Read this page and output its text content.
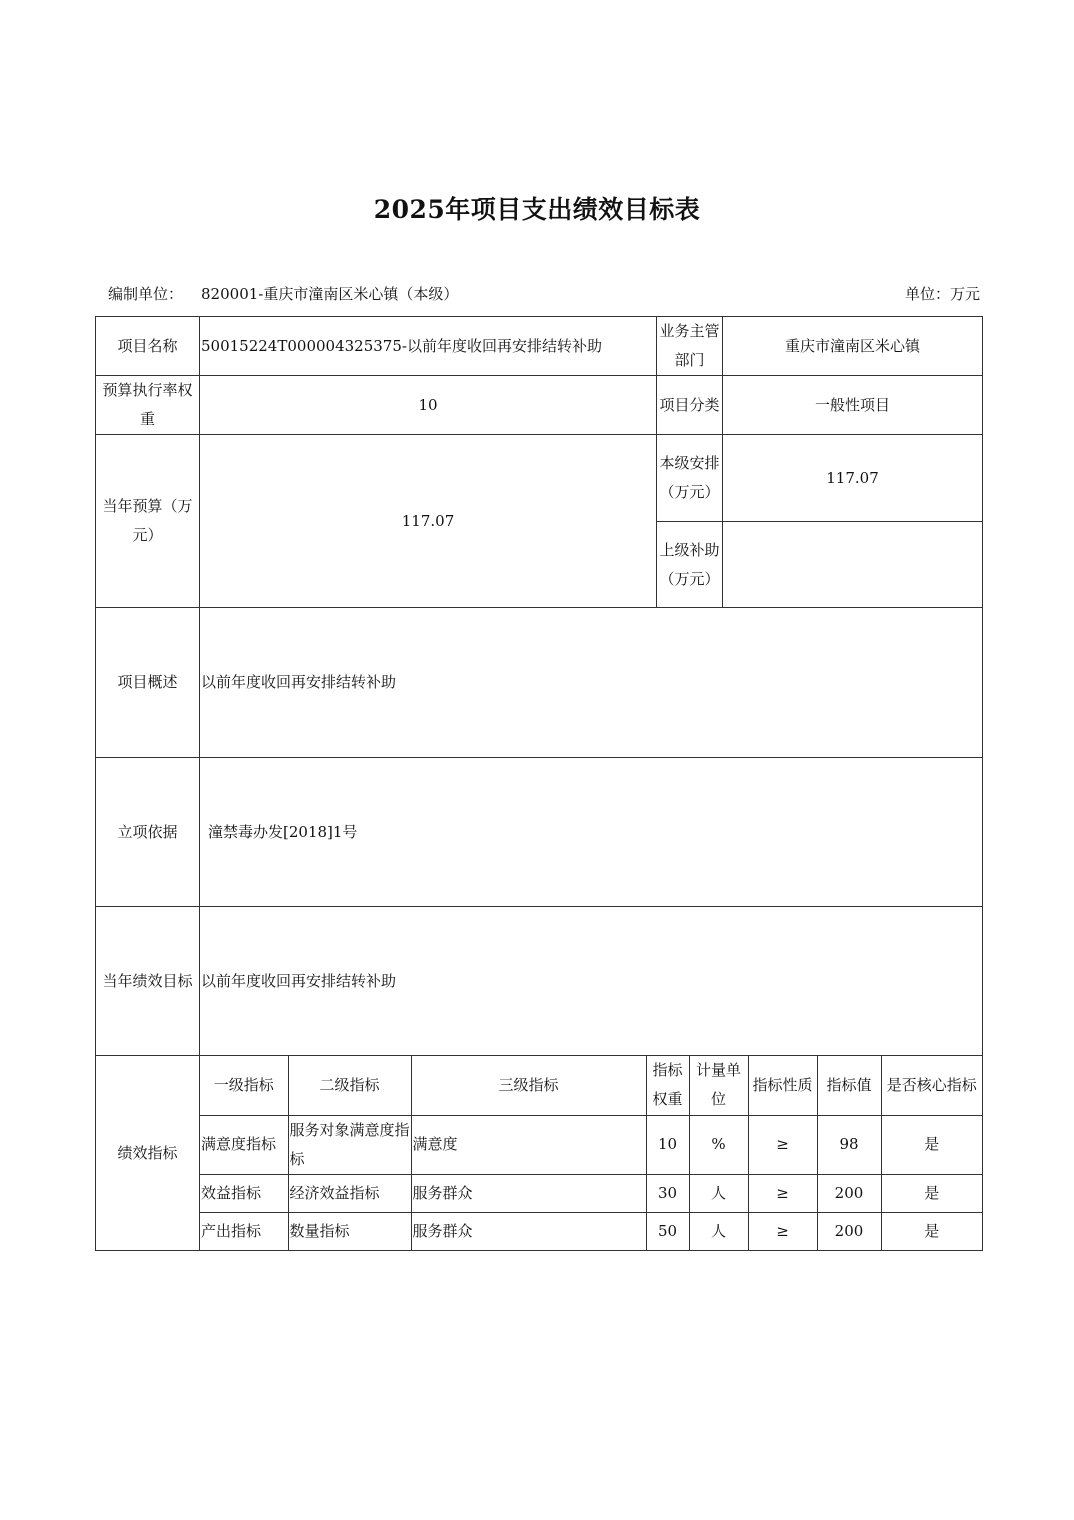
2025年项目支出绩效目标表
编制单位： 820001-重庆市潼南区米心镇（本级）	单位：万元
项目名称	50015224T000004325375-以前年度收回再安排结转补助	业务主管部门	重庆市潼南区米心镇
预算执行率权重	10	项目分类	一般性项目
当年预算（万元）	117.07	本级安排（万元）	117.07
上级补助（万元）	
项目概述	以前年度收回再安排结转补助
立项依据	潼禁毒办发[2018]1号
当年绩效目标	以前年度收回再安排结转补助
绩效指标	
一级指标	二级指标	三级指标	指标权重	计量单位	指标性质	指标值	是否核心指标
满意度指标	服务对象满意度指标	满意度	10	%	≥	98	是
效益指标	经济效益指标	服务群众	30	人	≥	200	是
产出指标	数量指标	服务群众	50	人	≥	200	是
